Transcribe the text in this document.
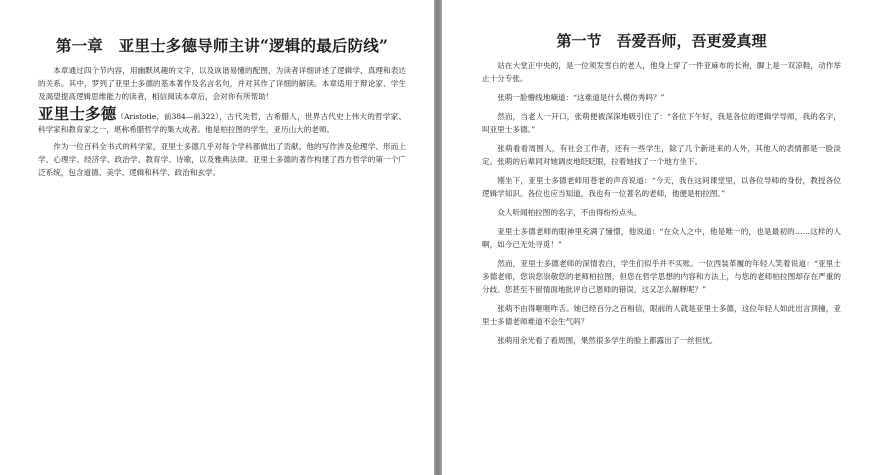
第一章　亚里士多德导师主讲“逻辑的最后防线”

本章通过四个节内容，用幽默风趣的文字，以及诙谐易懂的配图，为读者详细讲述了逻辑学、真理和表达的关系。其中，罗列了亚里士多德的基本著作及名言名句，并对其作了详细的解读。本章适用于辩论家、学生及渴望提高逻辑思维能力的读者，相信阅读本章后，会对你有所帮助！

亚里士多德（Aristotle，前384—前322），古代先哲，古希腊人，世界古代史上伟大的哲学家、科学家和教育家之一，堪称希腊哲学的集大成者。他是柏拉图的学生，亚历山大的老师。

作为一位百科全书式的科学家，亚里士多德几乎对每个学科都做出了贡献。他的写作涉及伦理学、形而上学、心理学、经济学、政治学、教育学、诗歌，以及雅典法律。亚里士多德的著作构建了西方哲学的第一个广泛系统，包含道德、美学、逻辑和科学、政治和玄学。

第一节　吾爱吾师，吾更爱真理

站在大堂正中央的，是一位须发雪白的老人，他身上穿了一件亚麻布的长袍，脚上是一双凉鞋，动作举止十分专张。

张萌一脸懵线地嘀道：“这难道是什么模仿秀吗？”

然而，当老人一开口，张萌便被深深地吸引住了：“各位下午好，我是各位的逻辑学导师，我的名字，叫亚里士多德。”

张萌看看周围人，有社会工作者，还有一些学生，除了几个新进来的人外，其他人的表情都是一脸淡定。张萌的后辈同对她调皮地眨眨眼，拉着她找了一个地方坐下。

刚坐下，亚里士多德老师用苍老的声音说道：“今天，我在这间课堂里，以各位导师的身份，教授各位逻辑学知识。各位也应当知道，我也有一位著名的老师，他便是柏拉图。”

众人听闻柏拉图的名字，不由得纷纷点头。

亚里士多德老师的眼神里充满了憧憬，他说道：“在众人之中，他是唯一的，也是最初的……这样的人啊，如今已无处寻觅！”

然而，亚里士多德老师的深情表白，学生们似乎并不买账。一位西装革履的年轻人笑着说道：“亚里士多德老师，您说您崇敬您的老师柏拉图，但您在哲学思想的内容和方法上，与您的老师柏拉图却存在严重的分歧。您甚至不留情面地批评自己恩师的错误，这又怎么解释呢？”

张萌不由得咂咂咋舌。她已经百分之百相信，眼前的人就是亚里士多德，这位年轻人如此出言顶撞，亚里士多德老师难道不会生气吗？

张萌用余光看了看周围，果然很多学生的脸上都露出了一丝担忧。
